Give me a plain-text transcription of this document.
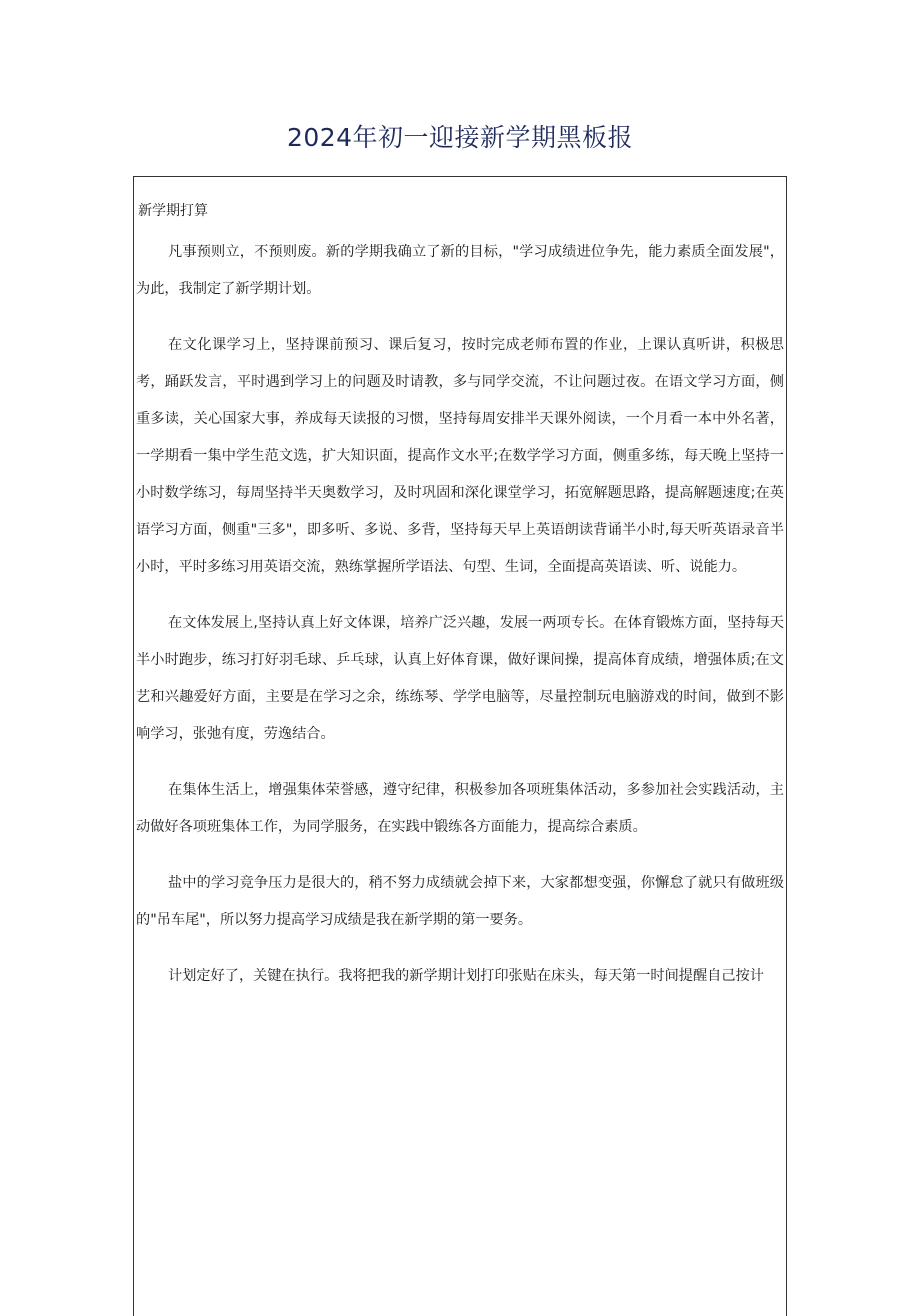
2024年初一迎接新学期黑板报
新学期打算

凡事预则立，不预则废。新的学期我确立了新的目标，"学习成绩进位争先，能力素质全面发展"，为此，我制定了新学期计划。

在文化课学习上，坚持课前预习、课后复习，按时完成老师布置的作业，上课认真听讲，积极思考，踊跃发言，平时遇到学习上的问题及时请教，多与同学交流，不让问题过夜。在语文学习方面，侧重多读，关心国家大事，养成每天读报的习惯，坚持每周安排半天课外阅读，一个月看一本中外名著，一学期看一集中学生范文选，扩大知识面，提高作文水平;在数学学习方面，侧重多练，每天晚上坚持一小时数学练习，每周坚持半天奥数学习，及时巩固和深化课堂学习，拓宽解题思路，提高解题速度;在英语学习方面，侧重"三多"，即多听、多说、多背，坚持每天早上英语朗读背诵半小时,每天听英语录音半小时，平时多练习用英语交流，熟练掌握所学语法、句型、生词，全面提高英语读、听、说能力。

在文体发展上,坚持认真上好文体课，培养广泛兴趣，发展一两项专长。在体育锻炼方面，坚持每天半小时跑步，练习打好羽毛球、乒乓球，认真上好体育课，做好课间操，提高体育成绩，增强体质;在文艺和兴趣爱好方面，主要是在学习之余，练练琴、学学电脑等，尽量控制玩电脑游戏的时间，做到不影响学习，张弛有度，劳逸结合。

在集体生活上，增强集体荣誉感，遵守纪律，积极参加各项班集体活动，多参加社会实践活动，主动做好各项班集体工作，为同学服务，在实践中锻练各方面能力，提高综合素质。

盐中的学习竞争压力是很大的，稍不努力成绩就会掉下来，大家都想变强，你懈怠了就只有做班级的"吊车尾"，所以努力提高学习成绩是我在新学期的第一要务。

计划定好了，关键在执行。我将把我的新学期计划打印张贴在床头，每天第一时间提醒自己按计
